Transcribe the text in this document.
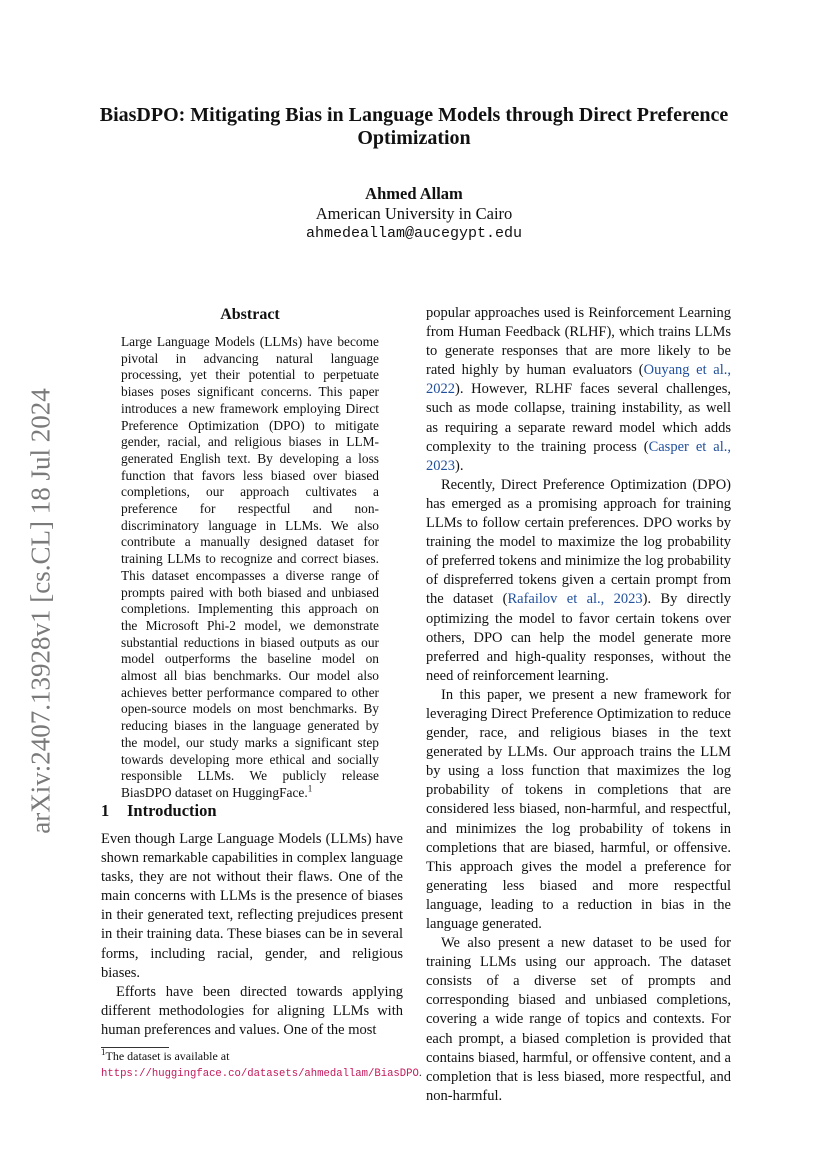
arXiv:2407.13928v1 [cs.CL] 18 Jul 2024
BiasDPO: Mitigating Bias in Language Models through Direct Preference Optimization
Ahmed Allam
American University in Cairo
ahmedeallam@aucegypt.edu
Abstract

Large Language Models (LLMs) have become pivotal in advancing natural language processing, yet their potential to perpetuate biases poses significant concerns. This paper introduces a new framework employing Direct Preference Optimization (DPO) to mitigate gender, racial, and religious biases in LLM-generated English text. By developing a loss function that favors less biased over biased completions, our approach cultivates a preference for respectful and non-discriminatory language in LLMs. We also contribute a manually designed dataset for training LLMs to recognize and correct biases. This dataset encompasses a diverse range of prompts paired with both biased and unbiased completions. Implementing this approach on the Microsoft Phi-2 model, we demonstrate substantial reductions in biased outputs as our model outperforms the baseline model on almost all bias benchmarks. Our model also achieves better performance compared to other open-source models on most benchmarks. By reducing biases in the language generated by the model, our study marks a significant step towards developing more ethical and socially responsible LLMs. We publicly release BiasDPO dataset on HuggingFace.$^1$

1 Introduction

Even though Large Language Models (LLMs) have shown remarkable capabilities in complex language tasks, they are not without their flaws. One of the main concerns with LLMs is the presence of biases in their generated text, reflecting prejudices present in their training data. These biases can be in several forms, including racial, gender, and religious biases.

Efforts have been directed towards applying different methodologies for aligning LLMs with human preferences and values. One of the most

$^1$The dataset is available at https://huggingface.co/datasets/ahmedallam/BiasDPO.

popular approaches used is Reinforcement Learning from Human Feedback (RLHF), which trains LLMs to generate responses that are more likely to be rated highly by human evaluators (Ouyang et al., 2022). However, RLHF faces several challenges, such as mode collapse, training instability, as well as requiring a separate reward model which adds complexity to the training process (Casper et al., 2023).

Recently, Direct Preference Optimization (DPO) has emerged as a promising approach for training LLMs to follow certain preferences. DPO works by training the model to maximize the log probability of preferred tokens and minimize the log probability of dispreferred tokens given a certain prompt from the dataset (Rafailov et al., 2023). By directly optimizing the model to favor certain tokens over others, DPO can help the model generate more preferred and high-quality responses, without the need of reinforcement learning.

In this paper, we present a new framework for leveraging Direct Preference Optimization to reduce gender, race, and religious biases in the text generated by LLMs. Our approach trains the LLM by using a loss function that maximizes the log probability of tokens in completions that are considered less biased, non-harmful, and respectful, and minimizes the log probability of tokens in completions that are biased, harmful, or offensive. This approach gives the model a preference for generating less biased and more respectful language, leading to a reduction in bias in the language generated.

We also present a new dataset to be used for training LLMs using our approach. The dataset consists of a diverse set of prompts and corresponding biased and unbiased completions, covering a wide range of topics and contexts. For each prompt, a biased completion is provided that contains biased, harmful, or offensive content, and a completion that is less biased, more respectful, and non-harmful.
